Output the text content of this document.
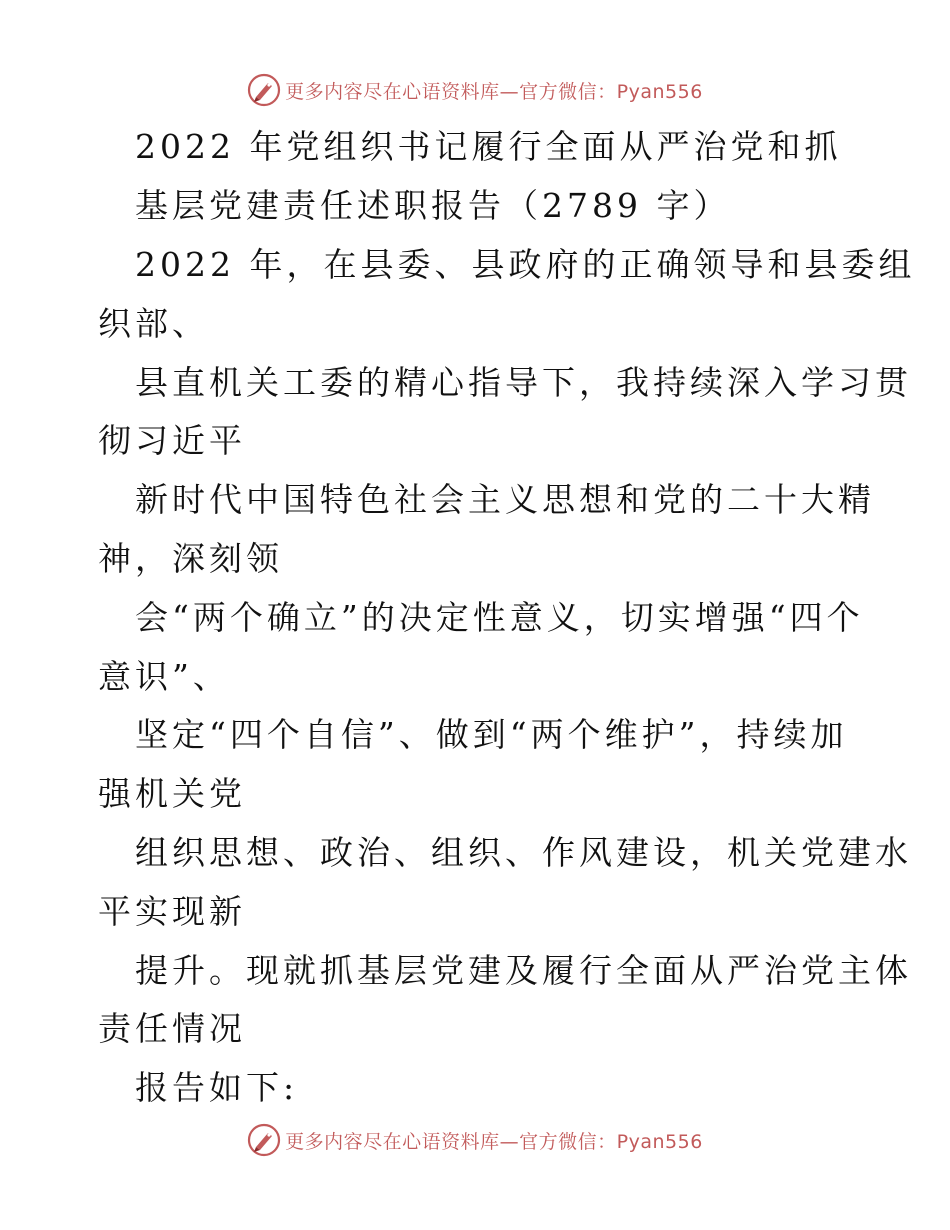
更多内容尽在心语资料库—官方微信：Pyan556
2022 年党组织书记履行全面从严治党和抓
基层党建责任述职报告（2789 字）
2022 年，在县委、县政府的正确领导和县委组
织部、
县直机关工委的精心指导下，我持续深入学习贯
彻习近平
新时代中国特色社会主义思想和党的二十大精
神，深刻领
会“两个确立”的决定性意义，切实增强“四个
意识”、
坚定“四个自信”、做到“两个维护”，持续加
强机关党
组织思想、政治、组织、作风建设，机关党建水
平实现新
提升。现就抓基层党建及履行全面从严治党主体
责任情况
报告如下:
更多内容尽在心语资料库—官方微信：Pyan556
